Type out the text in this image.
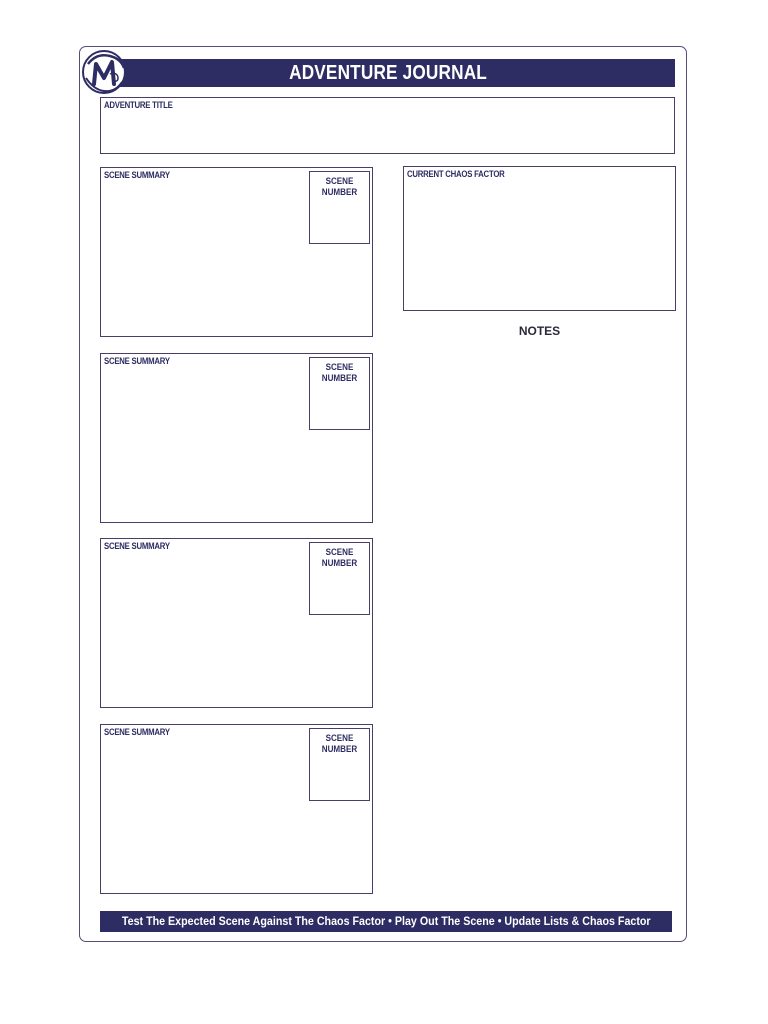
ADVENTURE JOURNAL
ADVENTURE TITLE
SCENE SUMMARY
SCENE
NUMBER
SCENE SUMMARY
SCENE
NUMBER
SCENE SUMMARY
SCENE
NUMBER
SCENE SUMMARY
SCENE
NUMBER
CURRENT CHAOS FACTOR
NOTES
Test The Expected Scene Against The Chaos Factor • Play Out The Scene • Update Lists & Chaos Factor
